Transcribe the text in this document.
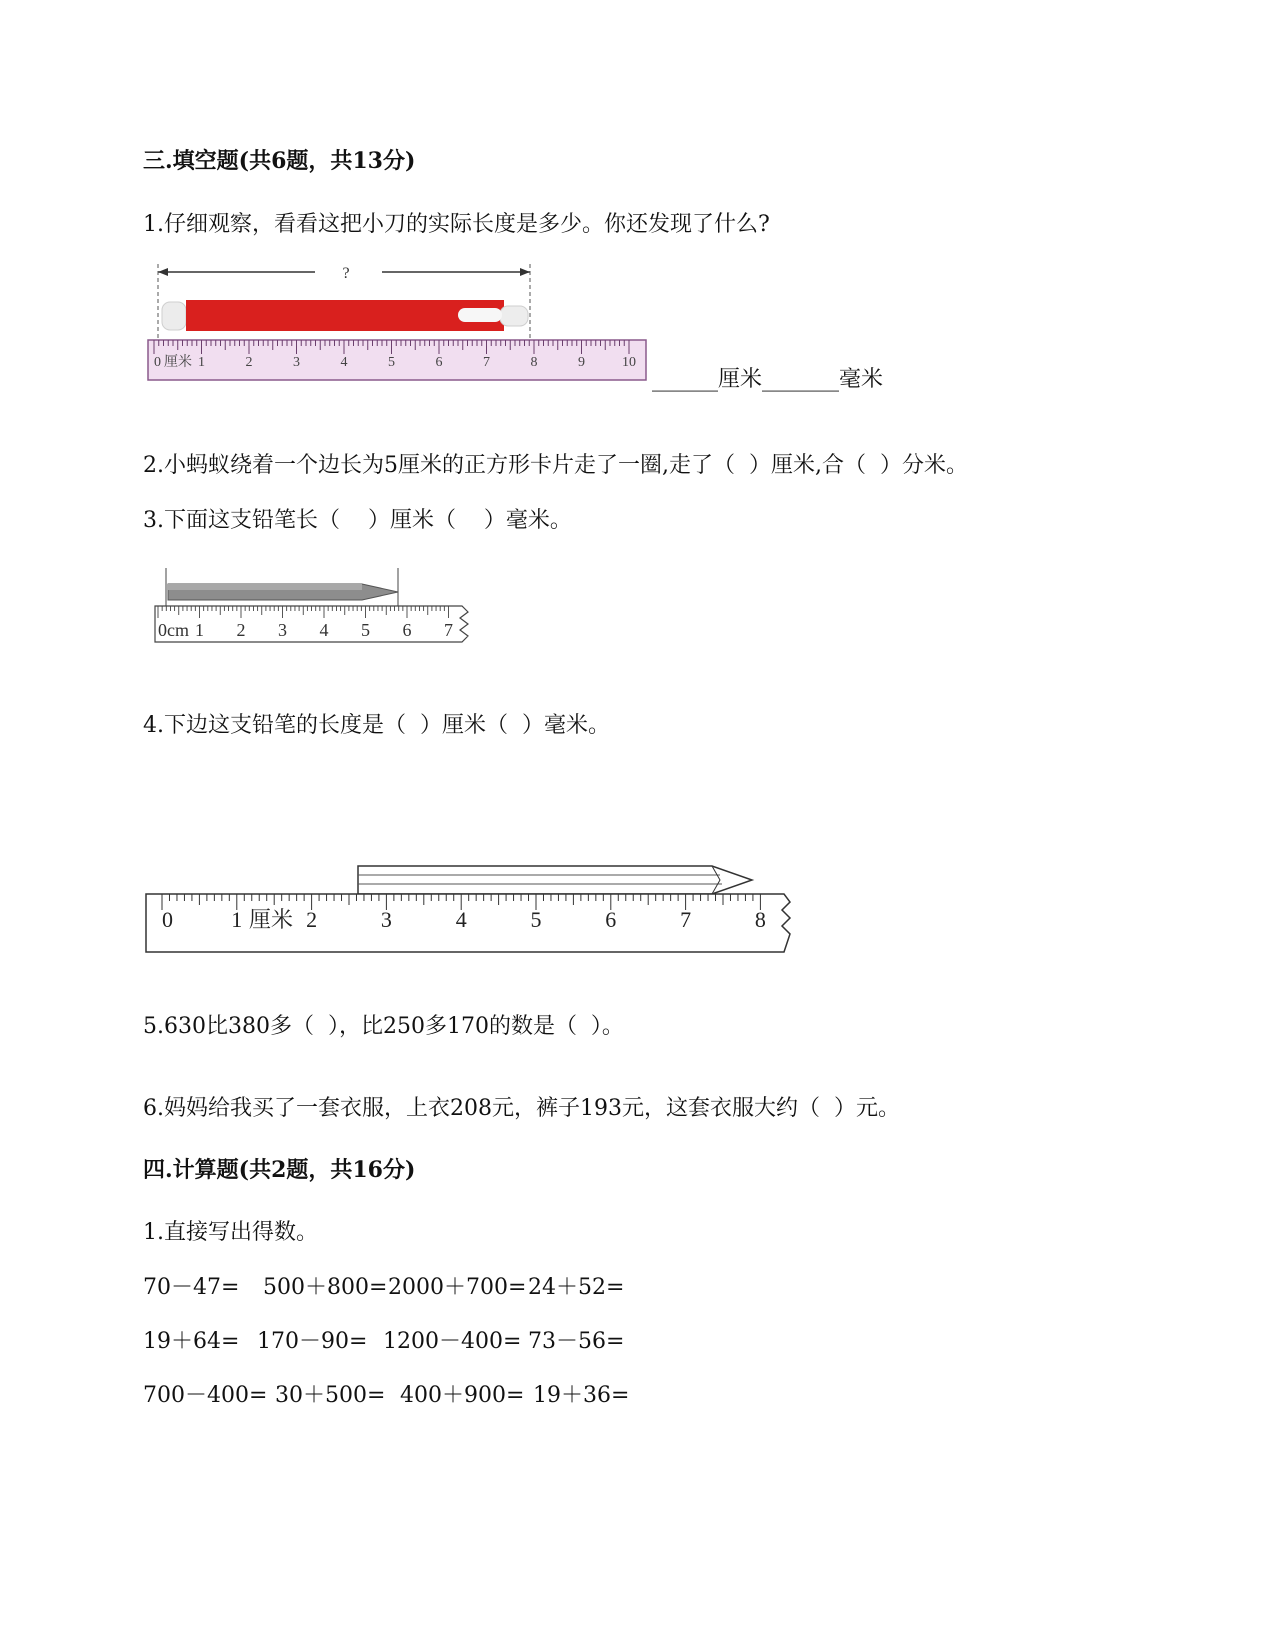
三.填空题(共6题，共13分)
1.仔细观察，看看这把小刀的实际长度是多少。你还发现了什么?
?
0	1	2	3	4	5	6	7	8	9	10
厘米
______厘米_______毫米
2.小蚂蚁绕着一个边长为5厘米的正方形卡片走了一圈,走了（  ）厘米,合（  ）分米。
3.下面这支铅笔长（    ）厘米（    ）毫米。
0 1 2 3 4 5 6 7
cm
4.下边这支铅笔的长度是（  ）厘米（  ）毫米。
0	1	2	3	4	5	6	7	8
厘米
5.630比380多（  ），比250多170的数是（  ）。
6.妈妈给我买了一套衣服，上衣208元，裤子193元，这套衣服大约（  ）元。
四.计算题(共2题，共16分)
1.直接写出得数。
70－47= 500＋800= 2000＋700= 24＋52=
19＋64= 170－90= 1200－400= 73－56=
700－400= 30＋500= 400＋900= 19＋36=
